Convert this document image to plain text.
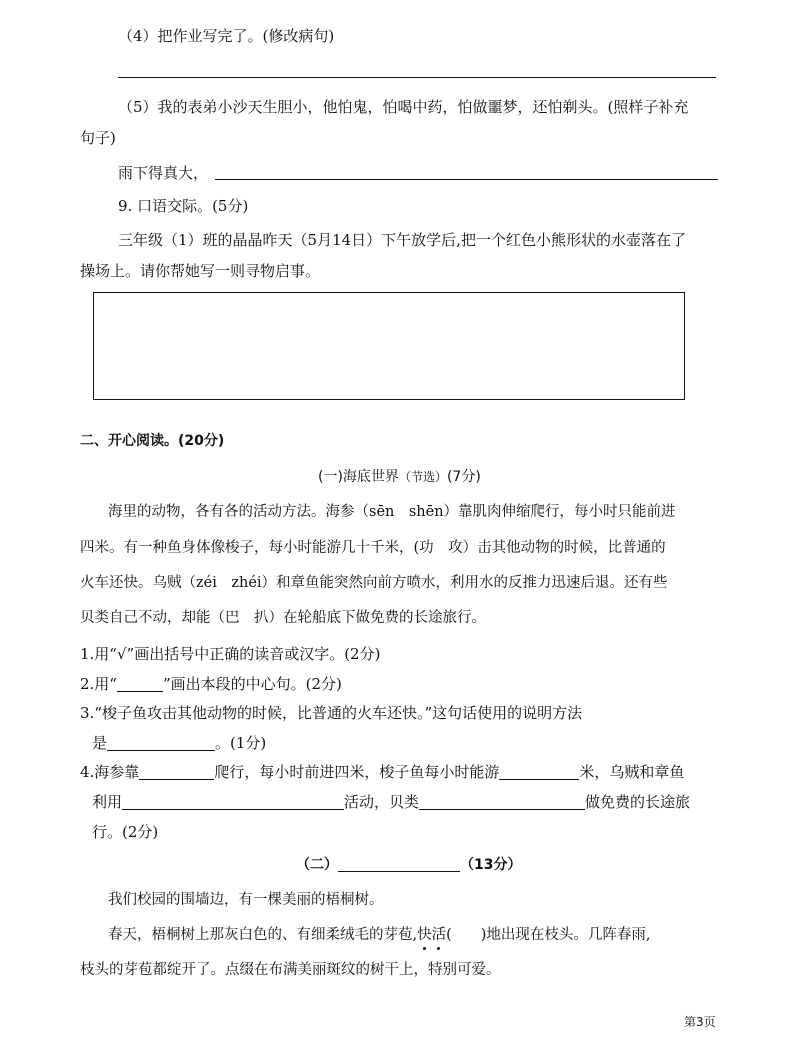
（4）把作业写完了。(修改病句)
（5）我的表弟小沙天生胆小，他怕鬼，怕喝中药，怕做噩梦，还怕剃头。(照样子补充
句子)
雨下得真大，
9. 口语交际。(5分)
三年级（1）班的晶晶昨天（5月14日）下午放学后,把一个红色小熊形状的水壶落在了
操场上。请你帮她写一则寻物启事。
二、开心阅读。(20分)
(一)海底世界（节选）(7分)
海里的动物，各有各的活动方法。海参（sēn　shēn）靠肌肉伸缩爬行，每小时只能前进
四米。有一种鱼身体像梭子，每小时能游几十千米，(功　攻）击其他动物的时候，比普通的
火车还快。乌贼（zéi　zhéi）和章鱼能突然向前方喷水，利用水的反推力迅速后退。还有些
贝类自己不动，却能（巴　扒）在轮船底下做免费的长途旅行。
1.用“√”画出括号中正确的读音或汉字。(2分)
2.用“	”画出本段的中心句。(2分)
3.“梭子鱼攻击其他动物的时候，比普通的火车还快。”这句话使用的说明方法
是	。(1分)
4.海参靠	爬行，每小时前进四米，梭子鱼每小时能游	米，乌贼和章鱼
利用	活动，贝类	做免费的长途旅
行。(2分)
（二）	（13分）
我们校园的围墙边，有一棵美丽的梧桐树。
春天，梧桐树上那灰白色的、有细柔绒毛的芽苞,快活(　　)地出现在枝头。几阵春雨,
枝头的芽苞都绽开了。点缀在布满美丽斑纹的树干上，特别可爱。
第3页
